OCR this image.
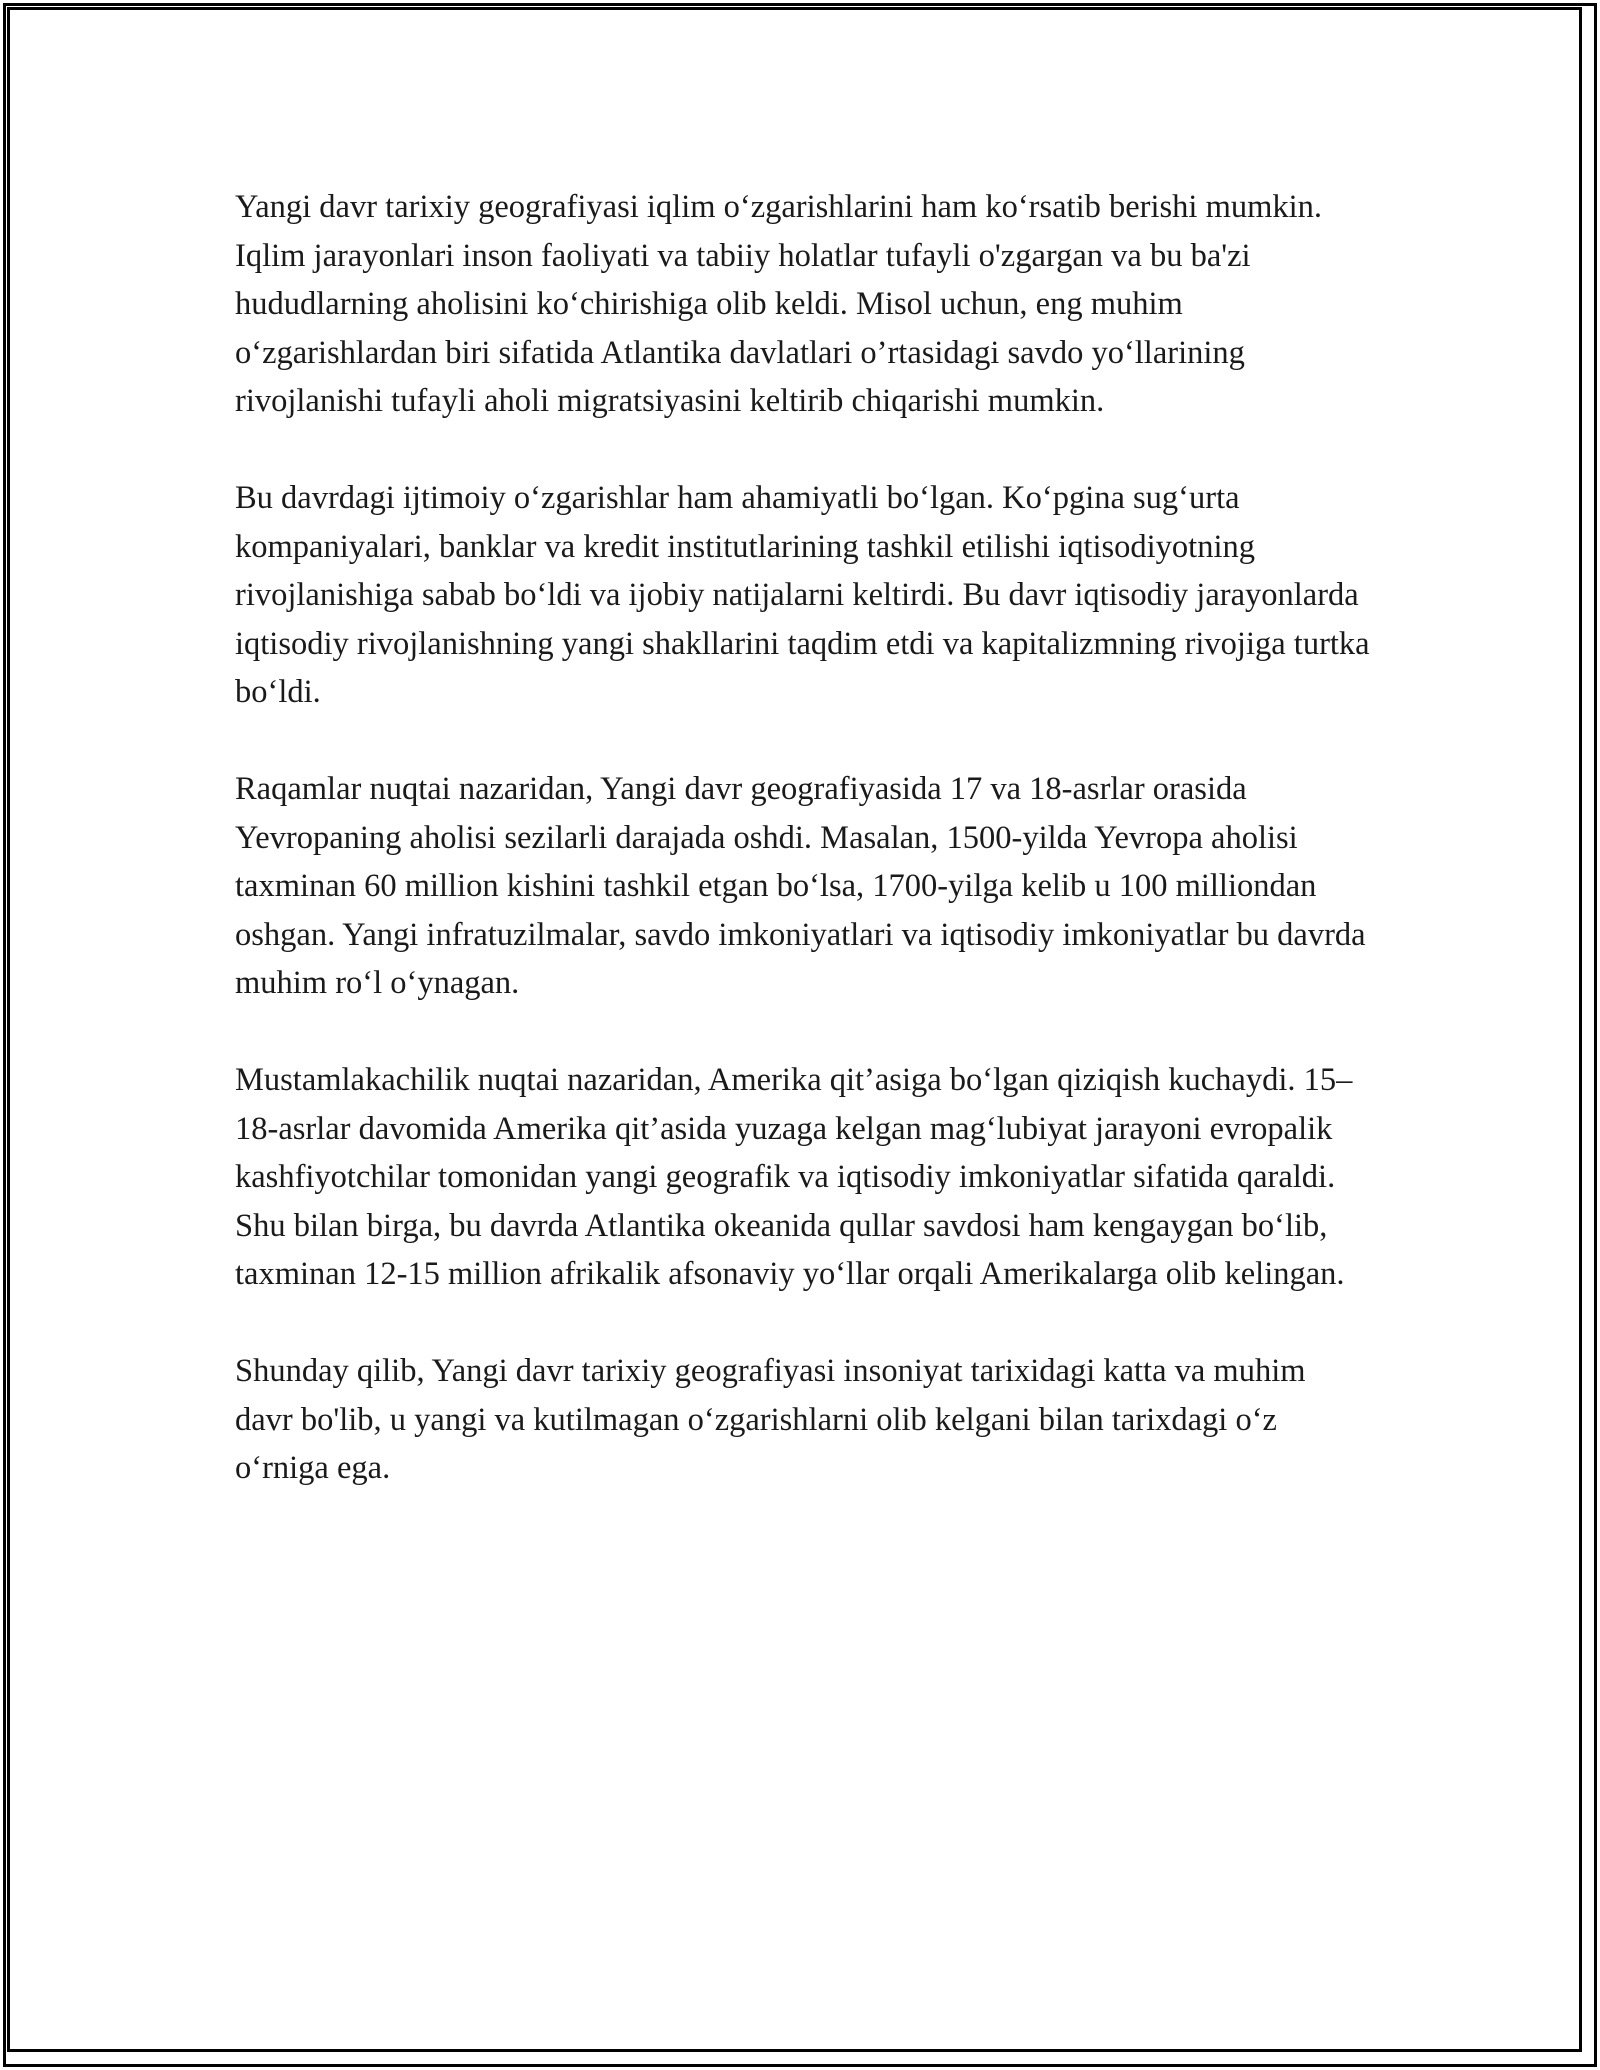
Yangi davr tarixiy geografiyasi iqlim o‘zgarishlarini ham ko‘rsatib berishi mumkin. Iqlim jarayonlari inson faoliyati va tabiiy holatlar tufayli o'zgargan va bu ba'zi hududlarning aholisini ko‘chirishiga olib keldi. Misol uchun, eng muhim o‘zgarishlardan biri sifatida Atlantika davlatlari o’rtasidagi savdo yo‘llarining rivojlanishi tufayli aholi migratsiyasini keltirib chiqarishi mumkin.

Bu davrdagi ijtimoiy o‘zgarishlar ham ahamiyatli bo‘lgan. Ko‘pgina sug‘urta kompaniyalari, banklar va kredit institutlarining tashkil etilishi iqtisodiyotning rivojlanishiga sabab bo‘ldi va ijobiy natijalarni keltirdi. Bu davr iqtisodiy jarayonlarda iqtisodiy rivojlanishning yangi shakllarini taqdim etdi va kapitalizmning rivojiga turtka bo‘ldi.

Raqamlar nuqtai nazaridan, Yangi davr geografiyasida 17 va 18-asrlar orasida Yevropaning aholisi sezilarli darajada oshdi. Masalan, 1500-yilda Yevropa aholisi taxminan 60 million kishini tashkil etgan bo‘lsa, 1700-yilga kelib u 100 milliondan oshgan. Yangi infratuzilmalar, savdo imkoniyatlari va iqtisodiy imkoniyatlar bu davrda muhim ro‘l o‘ynagan.

Mustamlakachilik nuqtai nazaridan, Amerika qit’asiga bo‘lgan qiziqish kuchaydi. 15–18-asrlar davomida Amerika qit’asida yuzaga kelgan mag‘lubiyat jarayoni evropalik kashfiyotchilar tomonidan yangi geografik va iqtisodiy imkoniyatlar sifatida qaraldi. Shu bilan birga, bu davrda Atlantika okeanida qullar savdosi ham kengaygan bo‘lib, taxminan 12-15 million afrikalik afsonaviy yo‘llar orqali Amerikalarga olib kelingan.

Shunday qilib, Yangi davr tarixiy geografiyasi insoniyat tarixidagi katta va muhim davr bo'lib, u yangi va kutilmagan o‘zgarishlarni olib kelgani bilan tarixdagi o‘z o‘rniga ega.
